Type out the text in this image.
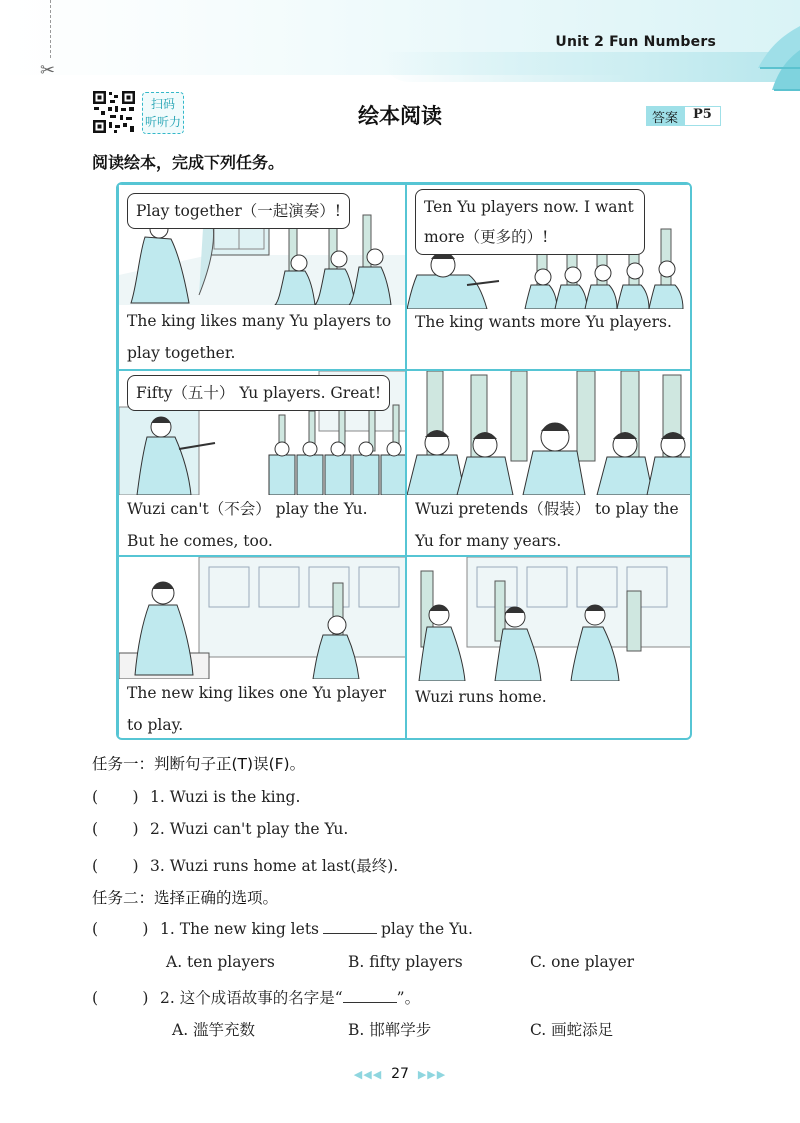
✂
Unit 2 Fun Numbers
扫码
听听力	绘本阅读	答案	P5
阅读绘本，完成下列任务。
Play together（一起演奏）!
The king likes many Yu players to
play together.
Ten Yu players now. I want
more（更多的）!
The king wants more Yu players.
Fifty（五十） Yu players. Great!
Wuzi can't（不会） play the Yu.
But he comes, too.
Wuzi pretends（假装） to play the
Yu for many years.
The new king likes one Yu player
to play.
Wuzi runs home.
任务一：判断句子正(T)误(F)。
(       ) 1. Wuzi is the king.
(       ) 2. Wuzi can't play the Yu.
(       ) 3. Wuzi runs home at last(最终).
任务二：选择正确的选项。
(         ) 1. The new king lets	play the Yu.
A. ten players	B. fifty players	C. one player
(         ) 2. 这个成语故事的名字是“	”。
A. 滥竽充数	B. 邯郸学步	C. 画蛇添足
◀◀◀ 27 ▶▶▶
